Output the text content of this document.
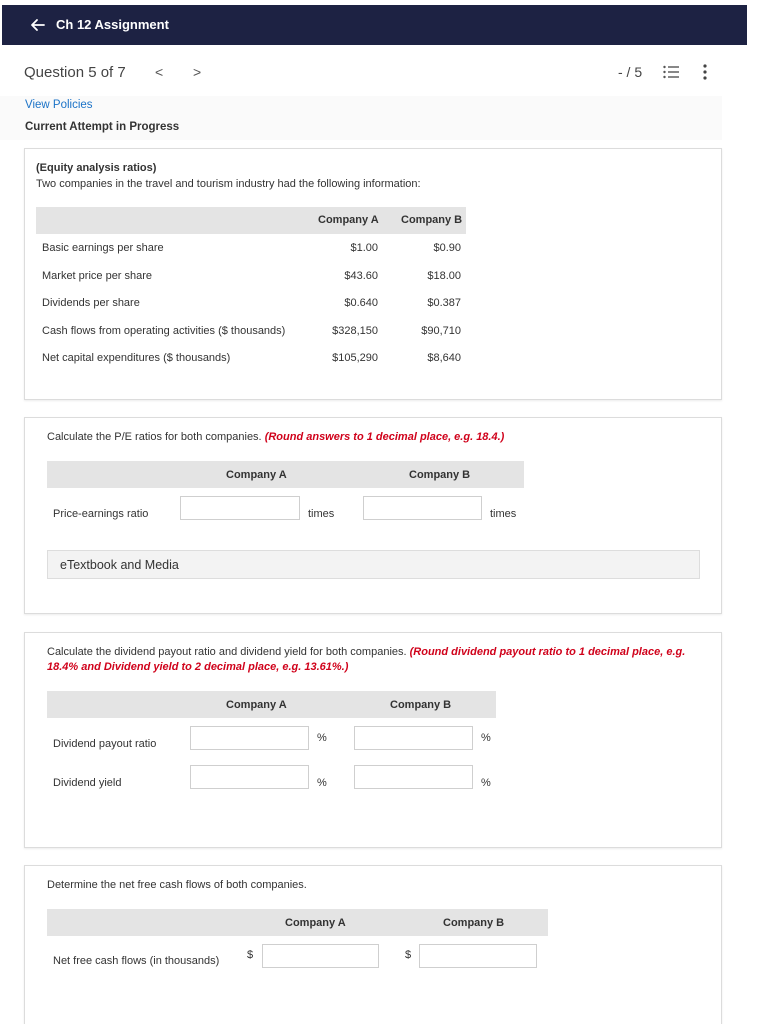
Ch 12 Assignment
Question 5 of 7 < >	- / 5
View Policies
Current Attempt in Progress
(Equity analysis ratios)
Two companies in the travel and tourism industry had the following information:
Company A Company B
Basic earnings per share	$1.00	$0.90
Market price per share	$43.60	$18.00
Dividends per share	$0.640	$0.387
Cash flows from operating activities ($ thousands)	$328,150	$90,710
Net capital expenditures ($ thousands)	$105,290	$8,640
Calculate the P/E ratios for both companies. (Round answers to 1 decimal place, e.g. 18.4.)
Company A	Company B
Price-earnings ratio	times	times
eTextbook and Media
Calculate the dividend payout ratio and dividend yield for both companies. (Round dividend payout ratio to 1 decimal place, e.g. 18.4% and Dividend yield to 2 decimal place, e.g. 13.61%.)
Company A	Company B
Dividend payout ratio	%	%
Dividend yield	%	%
Determine the net free cash flows of both companies.
Company A	Company B
Net free cash flows (in thousands)	$	$
